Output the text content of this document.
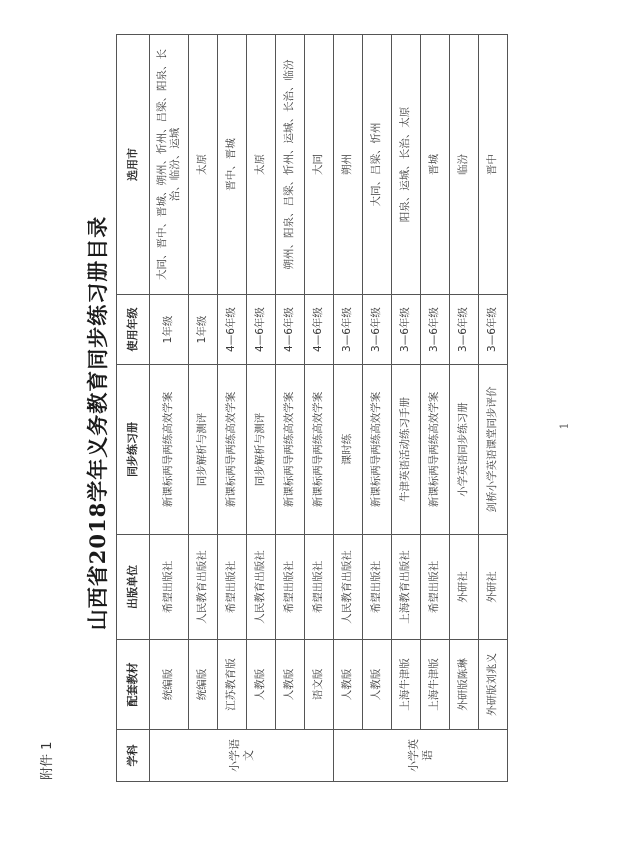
附件 1
山西省2018学年义务教育同步练习册目录
学科	配套教材	出版单位	同步练习册	使用年级	选用市
小学语文	统编版	希望出版社	新课标两导两练高效学案	1年级	大同、晋中、晋城、朔州、忻州、吕梁、阳泉、长治、临汾、运城
	统编版	人民教育出版社	同步解析与测评	1年级	太原
	江苏教育版	希望出版社	新课标两导两练高效学案	4—6年级	晋中、晋城
	人教版	人民教育出版社	同步解析与测评	4—6年级	太原
	人教版	希望出版社	新课标两导两练高效学案	4—6年级	朔州、阳泉、吕梁、忻州、运城、长治、临汾
	语文版	希望出版社	新课标两导两练高效学案	4—6年级	大同
小学英语	人教版	人民教育出版社	课时练	3—6年级	朔州
	人教版	希望出版社	新课标两导两练高效学案	3—6年级	大同、吕梁、忻州
	上海牛津版	上海教育出版社	牛津英语活动练习手册	3—6年级	阳泉、运城、长治、太原
	上海牛津版	希望出版社	新课标两导两练高效学案	3—6年级	晋城
	外研版陈琳	外研社	小学英语同步练习册	3—6年级	临汾
	外研版刘兆义	外研社	剑桥小学英语课堂同步评价	3—6年级	晋中
1
